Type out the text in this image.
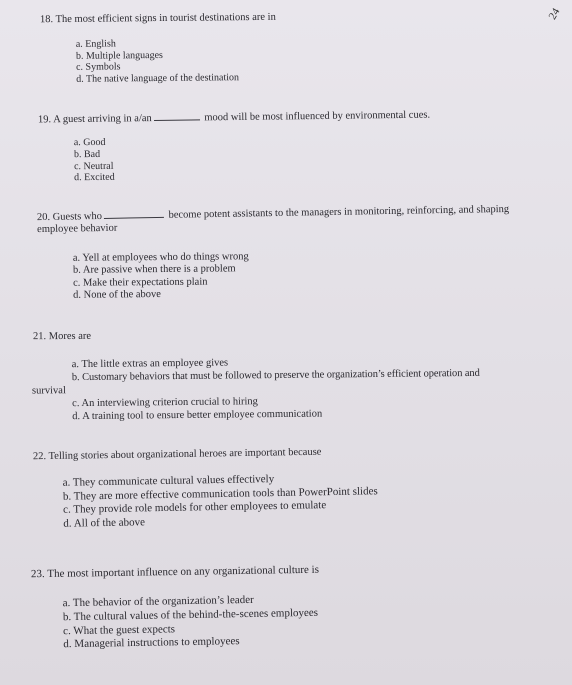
24
18. The most efficient signs in tourist destinations are in
a. English
b. Multiple languages
c. Symbols
d. The native language of the destination
19. A guest arriving in a/an	mood will be most influenced by environmental cues.
a. Good
b. Bad
c. Neutral
d. Excited
20. Guests who	become potent assistants to the managers in monitoring, reinforcing, and shaping
employee behavior
a. Yell at employees who do things wrong
b. Are passive when there is a problem
c. Make their expectations plain
d. None of the above
21. Mores are
a. The little extras an employee gives
b. Customary behaviors that must be followed to preserve the organization’s efficient operation and
survival
c. An interviewing criterion crucial to hiring
d. A training tool to ensure better employee communication
22. Telling stories about organizational heroes are important because
a. They communicate cultural values effectively
b. They are more effective communication tools than PowerPoint slides
c. They provide role models for other employees to emulate
d. All of the above
23. The most important influence on any organizational culture is
a. The behavior of the organization’s leader
b. The cultural values of the behind-the-scenes employees
c. What the guest expects
d. Managerial instructions to employees
